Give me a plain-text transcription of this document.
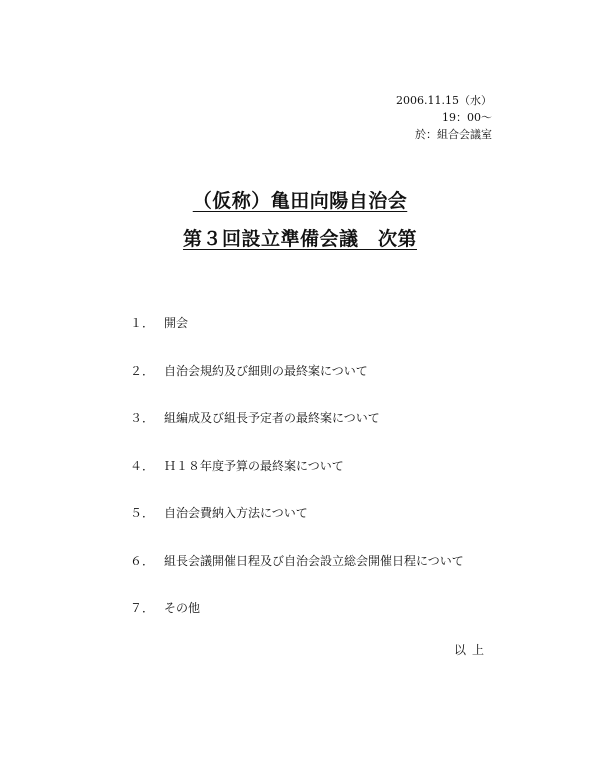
2006.11.15（水）
19：00～
於：組合会議室
（仮称）亀田向陽自治会
第３回設立準備会議　次第
１． 開会
２． 自治会規約及び細則の最終案について
３． 組編成及び組長予定者の最終案について
４． Ｈ１８年度予算の最終案について
５． 自治会費納入方法について
６． 組長会議開催日程及び自治会設立総会開催日程について
７． その他
以上
